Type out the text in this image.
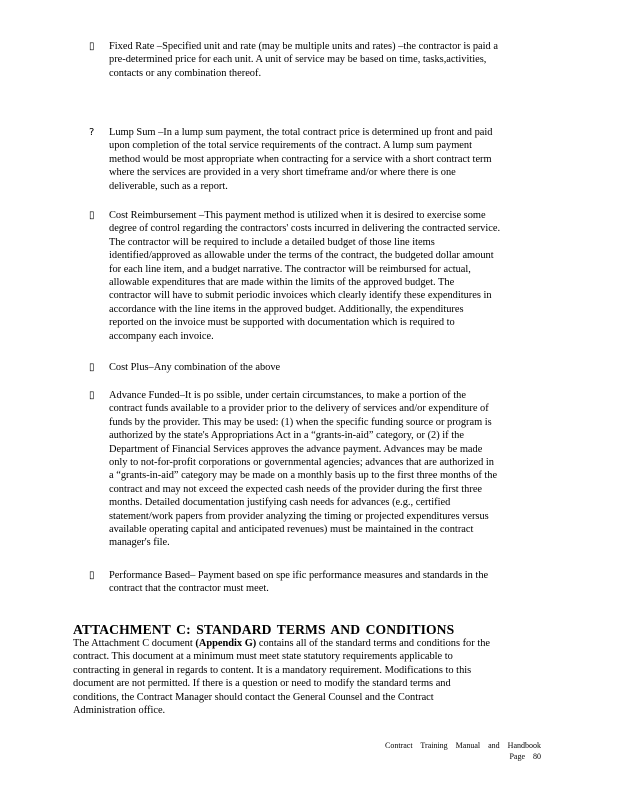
▯ Fixed Rate –Specified unit and rate (may be multiple units and rates) –the contractor is paid a
pre-determined price for each unit. A unit of service may be based on time, tasks,activities,
contacts or any combination thereof.
? Lump Sum –In a lump sum payment, the total contract price is determined up front and paid
upon completion of the total service requirements of the contract. A lump sum payment
method would be most appropriate when contracting for a service with a short contract term
where the services are provided in a very short timeframe and/or where there is one
deliverable, such as a report.
▯ Cost Reimbursement –This payment method is utilized when it is desired to exercise some
degree of control regarding the contractors' costs incurred in delivering the contracted service.
The contractor will be required to include a detailed budget of those line items
identified/approved as allowable under the terms of the contract, the budgeted dollar amount
for each line item, and a budget narrative. The contractor will be reimbursed for actual,
allowable expenditures that are made within the limits of the approved budget. The
contractor will have to submit periodic invoices which clearly identify these expenditures in
accordance with the line items in the approved budget. Additionally, the expenditures
reported on the invoice must be supported with documentation which is required to
accompany each invoice.
▯ Cost Plus–Any combination of the above
▯ Advance Funded–It is po ssible, under certain circumstances, to make a portion of the
contract funds available to a provider prior to the delivery of services and/or expenditure of
funds by the provider. This may be used: (1) when the specific funding source or program is
authorized by the state's Appropriations Act in a “grants-in-aid” category, or (2) if the
Department of Financial Services approves the advance payment. Advances may be made
only to not-for-profit corporations or governmental agencies; advances that are authorized in
a “grants-in-aid” category may be made on a monthly basis up to the first three months of the
contract and may not exceed the expected cash needs of the provider during the first three
months. Detailed documentation justifying cash needs for advances (e.g., certified
statement/work papers from provider analyzing the timing or projected expenditures versus
available operating capital and anticipated revenues) must be maintained in the contract
manager's file.
▯ Performance Based– Payment based on spe ific performance measures and standards in the
contract that the contractor must meet.
ATTACHMENT C: STANDARD TERMS AND CONDITIONS
The Attachment C document (Appendix G) contains all of the standard terms and conditions for the
contract. This document at a minimum must meet state statutory requirements applicable to
contracting in general in regards to content. It is a mandatory requirement. Modifications to this
document are not permitted. If there is a question or need to modify the standard terms and
conditions, the Contract Manager should contact the General Counsel and the Contract
Administration office.
Contract Training Manual and Handbook
Page 80
